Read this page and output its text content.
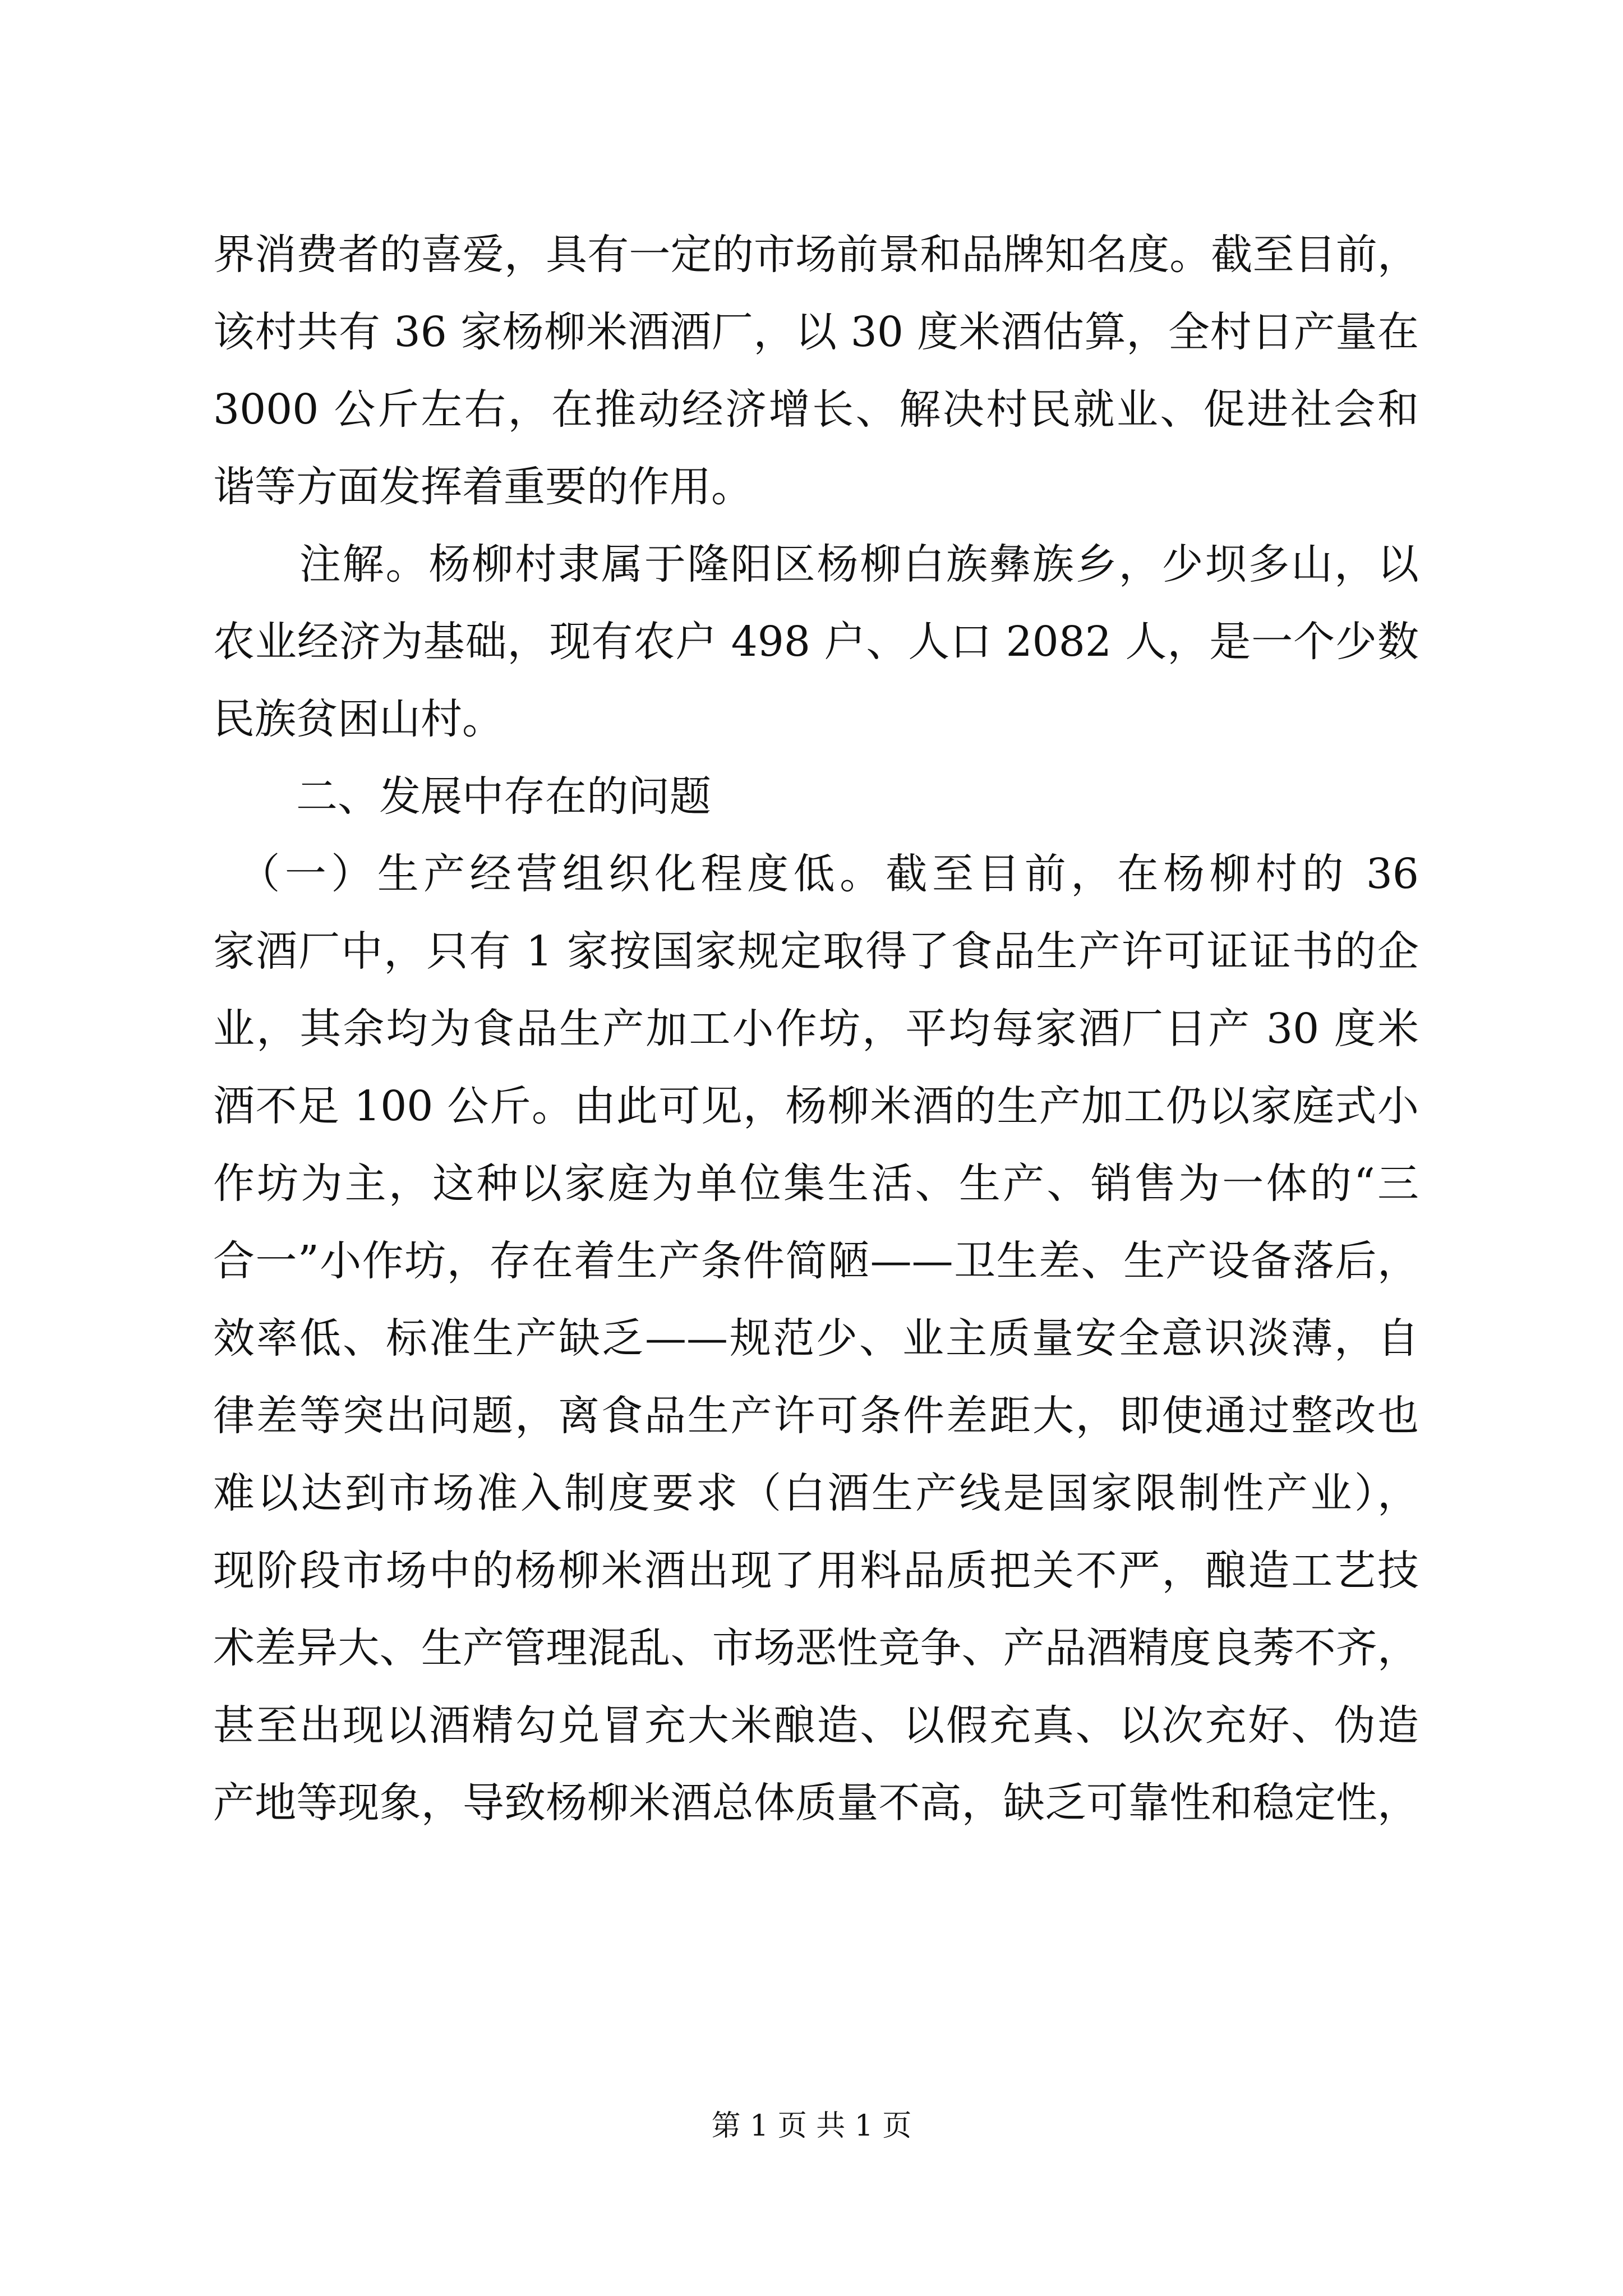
界消费者的喜爱，具有一定的市场前景和品牌知名度。截至目前，
该村共有 36 家杨柳米酒酒厂，以 30 度米酒估算，全村日产量在
3000 公斤左右，在推动经济增长、解决村民就业、促进社会和
谐等方面发挥着重要的作用。
　　注解。杨柳村隶属于隆阳区杨柳白族彝族乡，少坝多山，以
农业经济为基础，现有农户 498 户、人口 2082 人，是一个少数
民族贫困山村。
　　二、发展中存在的问题
　（一）生产经营组织化程度低。截至目前，在杨柳村的 36
家酒厂中，只有 1 家按国家规定取得了食品生产许可证证书的企
业，其余均为食品生产加工小作坊，平均每家酒厂日产 30 度米
酒不足 100 公斤。由此可见，杨柳米酒的生产加工仍以家庭式小
作坊为主，这种以家庭为单位集生活、生产、销售为一体的“三
合一”小作坊，存在着生产条件简陋——卫生差、生产设备落后，
效率低、标准生产缺乏——规范少、业主质量安全意识淡薄，自
律差等突出问题，离食品生产许可条件差距大，即使通过整改也
难以达到市场准入制度要求（白酒生产线是国家限制性产业），
现阶段市场中的杨柳米酒出现了用料品质把关不严，酿造工艺技
术差异大、生产管理混乱、市场恶性竞争、产品酒精度良莠不齐，
甚至出现以酒精勾兑冒充大米酿造、以假充真、以次充好、伪造
产地等现象，导致杨柳米酒总体质量不高，缺乏可靠性和稳定性，
第 1 页 共 1 页
